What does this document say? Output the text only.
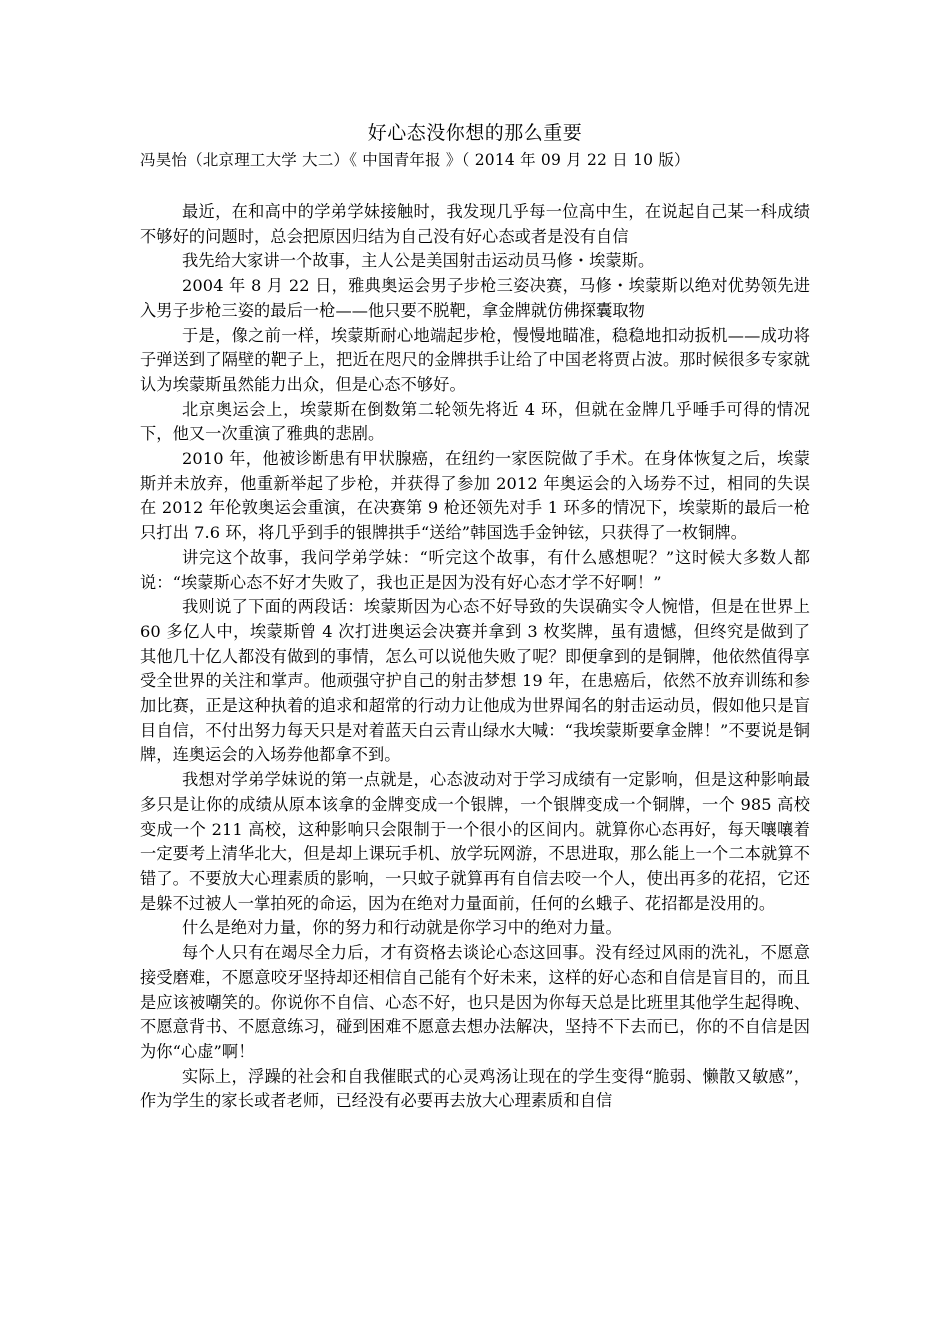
好心态没你想的那么重要
冯昊怡（北京理工大学 大二）《 中国青年报 》（ 2014 年 09 月 22 日 10 版）

最近，在和高中的学弟学妹接触时，我发现几乎每一位高中生，在说起自己某一科成绩不够好的问题时，总会把原因归结为自己没有好心态或者是没有自信

我先给大家讲一个故事，主人公是美国射击运动员马修・埃蒙斯。

2004 年 8 月 22 日，雅典奥运会男子步枪三姿决赛，马修・埃蒙斯以绝对优势领先进入男子步枪三姿的最后一枪——他只要不脱靶，拿金牌就仿佛探囊取物

于是，像之前一样，埃蒙斯耐心地端起步枪，慢慢地瞄准，稳稳地扣动扳机——成功将子弹送到了隔壁的靶子上，把近在咫尺的金牌拱手让给了中国老将贾占波。那时候很多专家就认为埃蒙斯虽然能力出众，但是心态不够好。

北京奥运会上，埃蒙斯在倒数第二轮领先将近 4 环，但就在金牌几乎唾手可得的情况下，他又一次重演了雅典的悲剧。

2010 年，他被诊断患有甲状腺癌，在纽约一家医院做了手术。在身体恢复之后，埃蒙斯并未放弃，他重新举起了步枪，并获得了参加 2012 年奥运会的入场券不过，相同的失误在 2012 年伦敦奥运会重演，在决赛第 9 枪还领先对手 1 环多的情况下，埃蒙斯的最后一枪只打出 7.6 环，将几乎到手的银牌拱手“送给”韩国选手金钟铉，只获得了一枚铜牌。

讲完这个故事，我问学弟学妹：“听完这个故事，有什么感想呢？”这时候大多数人都说：“埃蒙斯心态不好才失败了，我也正是因为没有好心态才学不好啊！”

我则说了下面的两段话：埃蒙斯因为心态不好导致的失误确实令人惋惜，但是在世界上 60 多亿人中，埃蒙斯曾 4 次打进奥运会决赛并拿到 3 枚奖牌，虽有遗憾，但终究是做到了其他几十亿人都没有做到的事情，怎么可以说他失败了呢？即便拿到的是铜牌，他依然值得享受全世界的关注和掌声。他顽强守护自己的射击梦想 19 年，在患癌后，依然不放弃训练和参加比赛，正是这种执着的追求和超常的行动力让他成为世界闻名的射击运动员，假如他只是盲目自信，不付出努力每天只是对着蓝天白云青山绿水大喊：“我埃蒙斯要拿金牌！”不要说是铜牌，连奥运会的入场券他都拿不到。

我想对学弟学妹说的第一点就是，心态波动对于学习成绩有一定影响，但是这种影响最多只是让你的成绩从原本该拿的金牌变成一个银牌，一个银牌变成一个铜牌，一个 985 高校变成一个 211 高校，这种影响只会限制于一个很小的区间内。就算你心态再好，每天嚷嚷着一定要考上清华北大，但是却上课玩手机、放学玩网游，不思进取，那么能上一个二本就算不错了。不要放大心理素质的影响，一只蚊子就算再有自信去咬一个人，使出再多的花招，它还是躲不过被人一掌拍死的命运，因为在绝对力量面前，任何的幺蛾子、花招都是没用的。

什么是绝对力量，你的努力和行动就是你学习中的绝对力量。

每个人只有在竭尽全力后，才有资格去谈论心态这回事。没有经过风雨的洗礼，不愿意接受磨难，不愿意咬牙坚持却还相信自己能有个好未来，这样的好心态和自信是盲目的，而且是应该被嘲笑的。你说你不自信、心态不好，也只是因为你每天总是比班里其他学生起得晚、不愿意背书、不愿意练习，碰到困难不愿意去想办法解决，坚持不下去而已，你的不自信是因为你“心虚”啊！

实际上，浮躁的社会和自我催眠式的心灵鸡汤让现在的学生变得“脆弱、懒散又敏感”，作为学生的家长或者老师，已经没有必要再去放大心理素质和自信
